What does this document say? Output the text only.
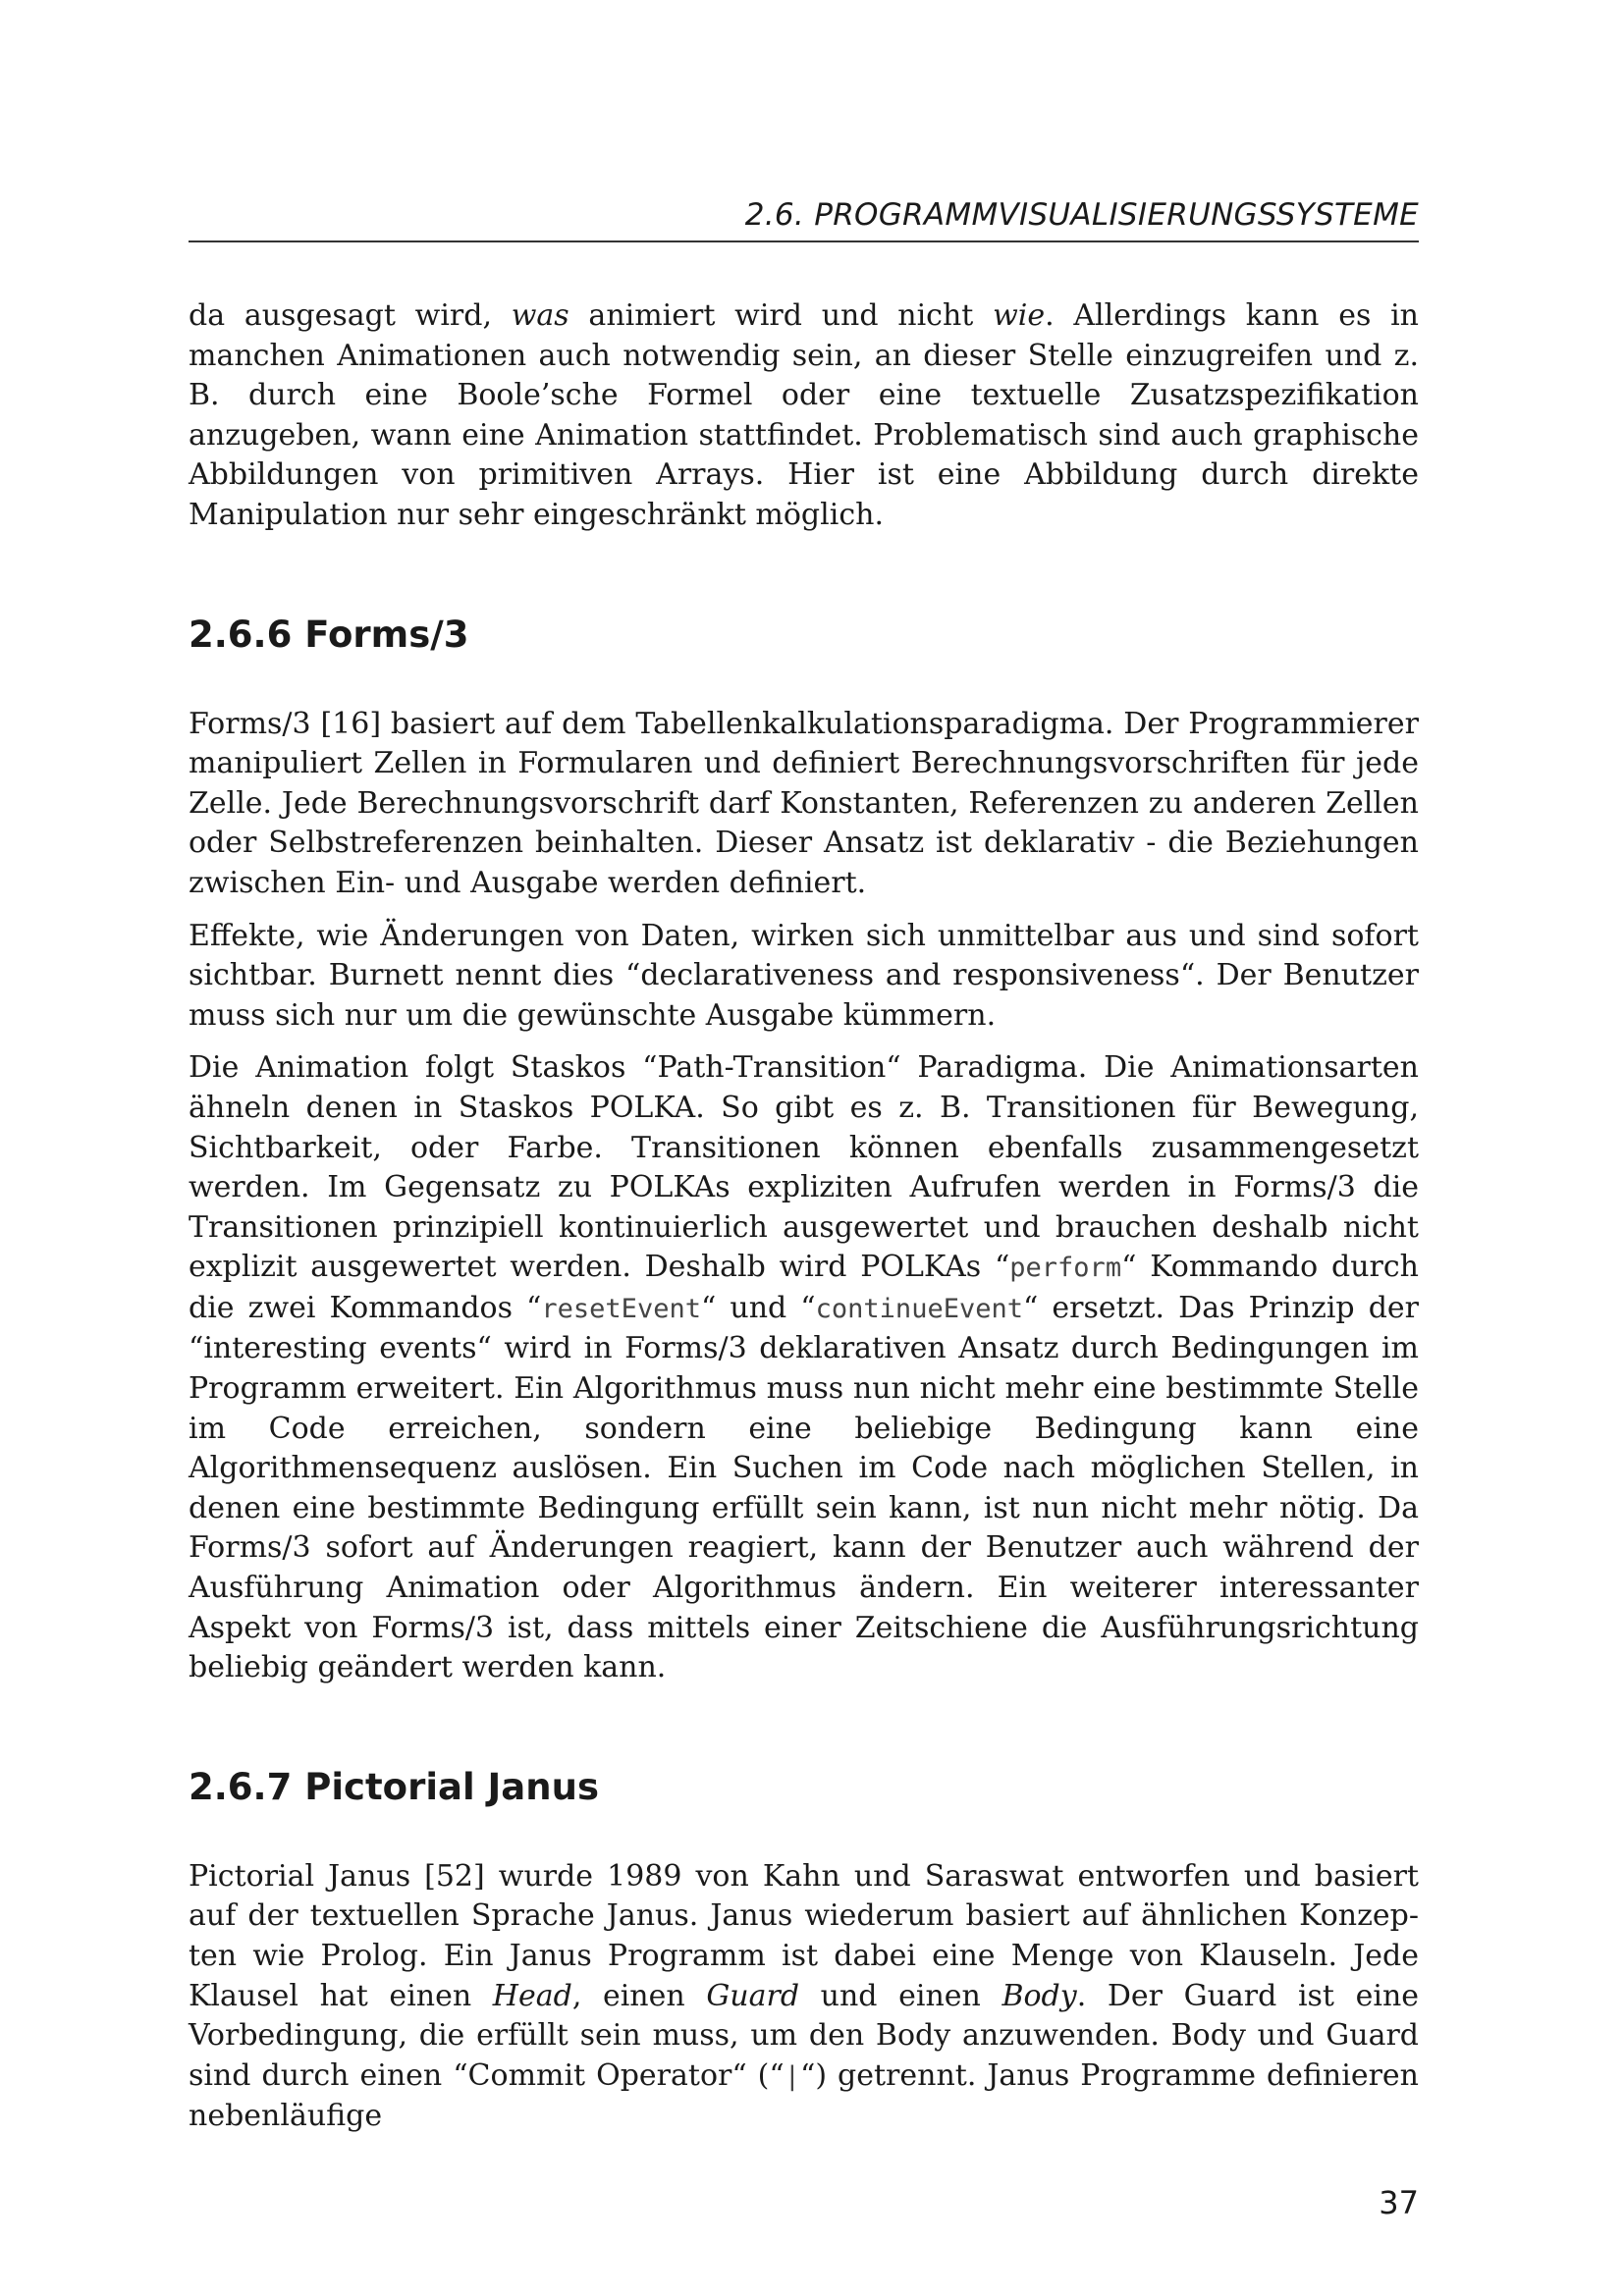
2.6. PROGRAMMVISUALISIERUNGSSYSTEME

da ausgesagt wird, was animiert wird und nicht wie. Allerdings kann es in manchen Animationen auch notwendig sein, an dieser Stelle einzugreifen und z. B. durch eine Boole’sche Formel oder eine textuelle Zusatzspezifikation anzugeben, wann eine Animation stattfindet. Problematisch sind auch graphische Abbildungen von primitiven Arrays. Hier ist eine Abbildung durch direkte Manipulation nur sehr eingeschränkt möglich.

2.6.6 Forms/3

Forms/3 [16] basiert auf dem Tabellenkalkulationsparadigma. Der Programmierer manipuliert Zellen in Formularen und definiert Berechnungsvorschriften für jede Zelle. Jede Berechnungsvorschrift darf Konstanten, Referenzen zu anderen Zellen oder Selbstreferenzen beinhalten. Dieser Ansatz ist deklarativ - die Beziehungen zwischen Ein- und Ausgabe werden definiert.

Effekte, wie Änderungen von Daten, wirken sich unmittelbar aus und sind sofort sichtbar. Burnett nennt dies “declarativeness and responsiveness“. Der Benutzer muss sich nur um die gewünschte Ausgabe kümmern.

Die Animation folgt Staskos “Path-Transition“ Paradigma. Die Animationsarten ähneln denen in Staskos POLKA. So gibt es z. B. Transitionen für Bewegung, Sichtbarkeit, oder Farbe. Transitionen können ebenfalls zusammengesetzt werden. Im Gegensatz zu POLKAs expliziten Aufrufen werden in Forms/3 die Transitionen prinzipiell kontinuierlich ausgewertet und brauchen deshalb nicht explizit ausgewertet werden. Deshalb wird POLKAs “perform“ Kommando durch die zwei Kommandos “resetEvent“ und “continueEvent“ ersetzt. Das Prinzip der “interesting events“ wird in Forms/3 deklarativen Ansatz durch Bedingungen im Programm erweitert. Ein Algorithmus muss nun nicht mehr eine bestimmte Stelle im Code erreichen, sondern eine beliebige Bedingung kann eine Algorithmensequenz auslösen. Ein Suchen im Code nach möglichen Stellen, in denen eine bestimmte Bedingung erfüllt sein kann, ist nun nicht mehr nötig. Da Forms/3 sofort auf Änderungen reagiert, kann der Benutzer auch während der Ausführung Animation oder Algorithmus ändern. Ein weiterer interessanter Aspekt von Forms/3 ist, dass mittels einer Zeitschiene die Ausführungsrichtung beliebig geändert werden kann.

2.6.7 Pictorial Janus

Pictorial Janus [52] wurde 1989 von Kahn und Saraswat entworfen und basiert auf der textuellen Sprache Janus. Janus wiederum basiert auf ähnlichen Konzepten wie Prolog. Ein Janus Programm ist dabei eine Menge von Klauseln. Jede Klausel hat einen Head, einen Guard und einen Body. Der Guard ist eine Vorbedingung, die erfüllt sein muss, um den Body anzuwenden. Body und Guard sind durch einen “Commit Operator“ (“|“) getrennt. Janus Programme definieren nebenläufige

37
